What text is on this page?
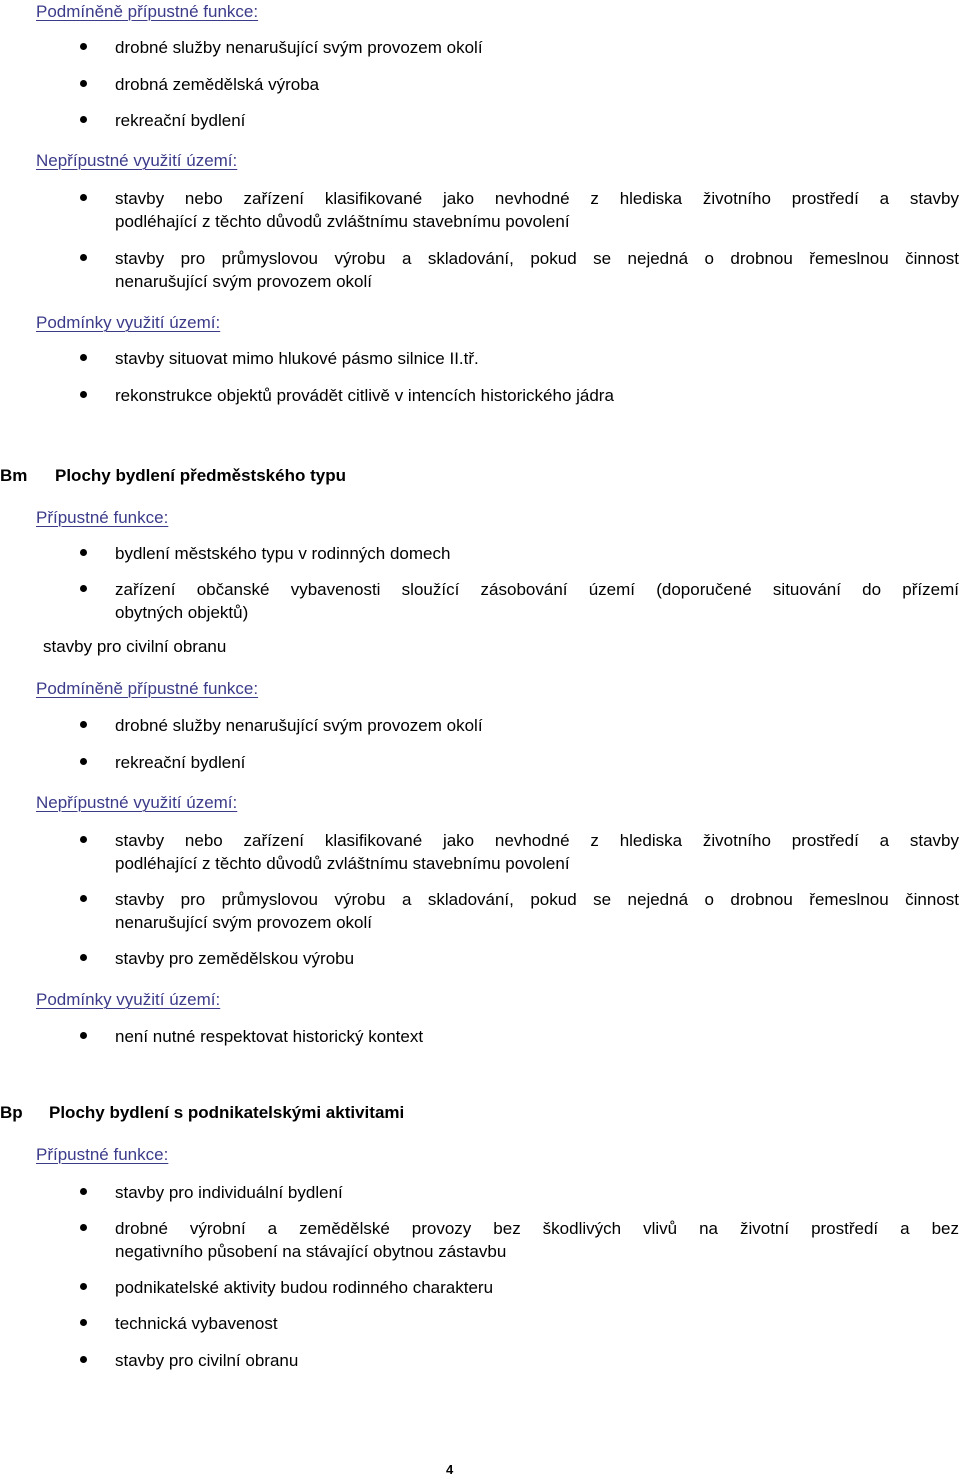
Podmíněně přípustné funkce:
drobné služby nenarušující svým provozem okolí
drobná zemědělská výroba
rekreační bydlení
Nepřípustné využití území:
stavby nebo zařízení klasifikované jako nevhodné z hlediska životního prostředí a stavby
podléhající z těchto důvodů zvláštnímu stavebnímu povolení
stavby pro průmyslovou výrobu a skladování, pokud se nejedná o drobnou řemeslnou činnost
nenarušující svým provozem okolí
Podmínky využití území:
stavby situovat mimo hlukové pásmo silnice II.tř.
rekonstrukce objektů provádět citlivě v intencích historického jádra
Bm Plochy bydlení předměstského typu
Přípustné funkce:
bydlení městského typu v rodinných domech
zařízení občanské vybavenosti sloužící zásobování území (doporučené situování do přízemí
obytných objektů)
stavby pro civilní obranu
Podmíněně přípustné funkce:
drobné služby nenarušující svým provozem okolí
rekreační bydlení
Nepřípustné využití území:
stavby nebo zařízení klasifikované jako nevhodné z hlediska životního prostředí a stavby
podléhající z těchto důvodů zvláštnímu stavebnímu povolení
stavby pro průmyslovou výrobu a skladování, pokud se nejedná o drobnou řemeslnou činnost
nenarušující svým provozem okolí
stavby pro zemědělskou výrobu
Podmínky využití území:
není nutné respektovat historický kontext
Bp Plochy bydlení s podnikatelskými aktivitami
Přípustné funkce:
stavby pro individuální bydlení
drobné výrobní a zemědělské provozy bez škodlivých vlivů na životní prostředí a bez
negativního působení na stávající obytnou zástavbu
podnikatelské aktivity budou rodinného charakteru
technická vybavenost
stavby pro civilní obranu
4
